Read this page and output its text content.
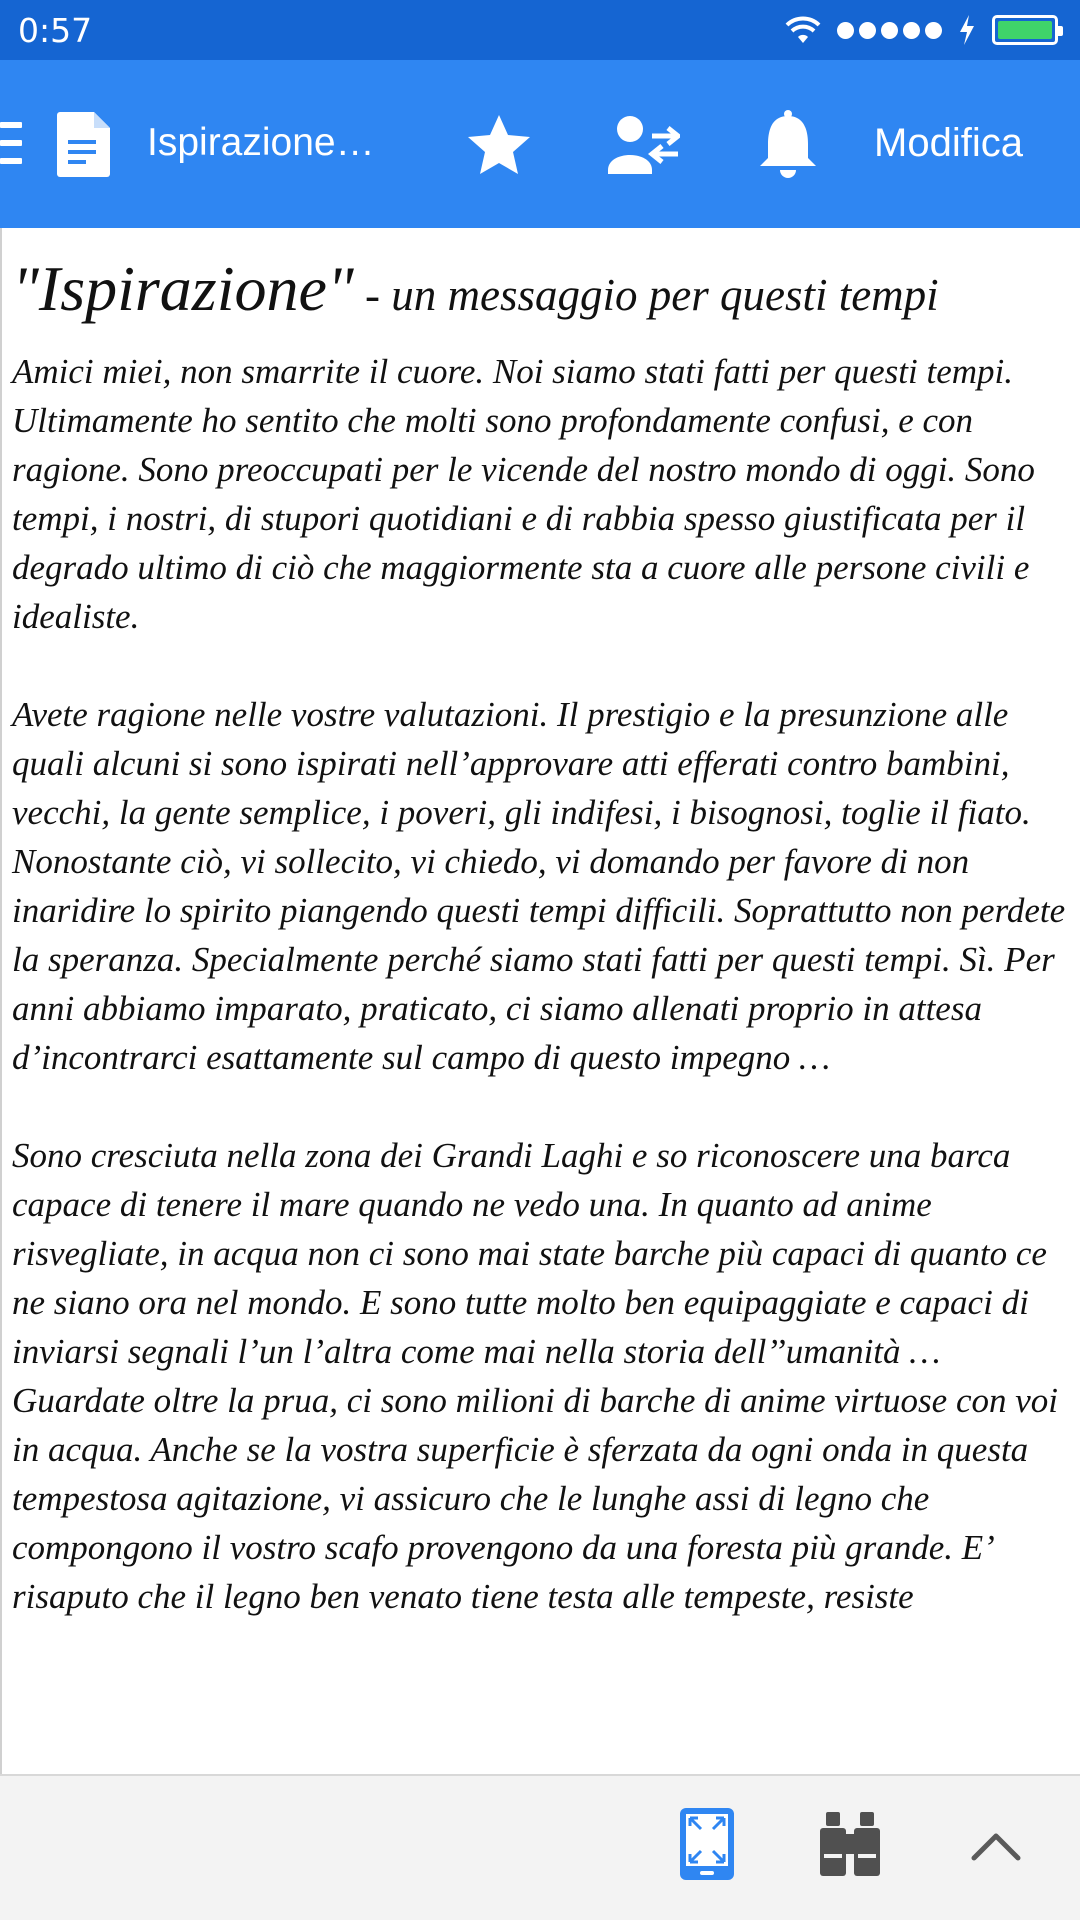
0:57
Ispirazione…	Modifica
"Ispirazione" - un messaggio per questi tempi

Amici miei, non smarrite il cuore. Noi siamo stati fatti per questi tempi. Ultimamente ho sentito che molti sono profondamente confusi, e con ragione. Sono preoccupati per le vicende del nostro mondo di oggi. Sono tempi, i nostri, di stupori quotidiani e di rabbia spesso giustificata per il degrado ultimo di ciò che maggiormente sta a cuore alle persone civili e idealiste.

Avete ragione nelle vostre valutazioni. Il prestigio e la presunzione alle quali alcuni si sono ispirati nell’approvare atti efferati contro bambini, vecchi, la gente semplice, i poveri, gli indifesi, i bisognosi, toglie il fiato. Nonostante ciò, vi sollecito, vi chiedo, vi domando per favore di non inaridire lo spirito piangendo questi tempi difficili. Soprattutto non perdete la speranza. Specialmente perché siamo stati fatti per questi tempi. Sì. Per anni abbiamo imparato, praticato, ci siamo allenati proprio in attesa d’incontrarci esattamente sul campo di questo impegno …

Sono cresciuta nella zona dei Grandi Laghi e so riconoscere una barca capace di tenere il mare quando ne vedo una. In quanto ad anime risvegliate, in acqua non ci sono mai state barche più capaci di quanto ce ne siano ora nel mondo. E sono tutte molto ben equipaggiate e capaci di inviarsi segnali l’un l’altra come mai nella storia dell’’umanità … Guardate oltre la prua, ci sono milioni di barche di anime virtuose con voi in acqua. Anche se la vostra superficie è sferzata da ogni onda in questa tempestosa agitazione, vi assicuro che le lunghe assi di legno che compongono il vostro scafo provengono da una foresta più grande. E’ risaputo che il legno ben venato tiene testa alle tempeste, resiste
